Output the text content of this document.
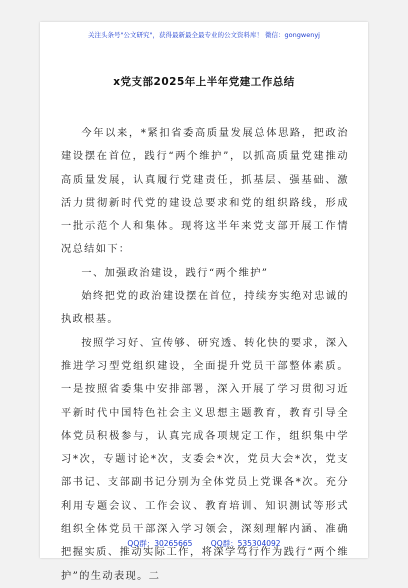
关注头条号"公文研究"，获得最新最全最专业的公文资料库！ 微信：gongwenyj
x党支部2025年上半年党建工作总结

今年以来，*紧扣省委高质量发展总体思路，把政治建设摆在首位，践行“两个维护”，以抓高质量党建推动高质量发展，认真履行党建责任，抓基层、强基础、激活力贯彻新时代党的建设总要求和党的组织路线，形成一批示范个人和集体。现将这半年来党支部开展工作情况总结如下：

一、加强政治建设，践行“两个维护”

始终把党的政治建设摆在首位，持续夯实绝对忠诚的执政根基。

按照学习好、宣传够、研究透、转化快的要求，深入推进学习型党组织建设，全面提升党员干部整体素质。一是按照省委集中安排部署，深入开展了学习贯彻习近平新时代中国特色社会主义思想主题教育，教育引导全体党员积极参与，认真完成各项规定工作，组织集中学习*次，专题讨论*次，支委会*次，党员大会*次，党支部书记、支部副书记分别为全体党员上党课各*次。充分利用专题会议、工作会议、教育培训、知识测试等形式组织全体党员干部深入学习领会，深刻理解内涵、准确把握实质、推动实际工作，将深学笃行作为践行“两个维护”的生动表现。二

QQ群：30265665 QQ群：535304092
